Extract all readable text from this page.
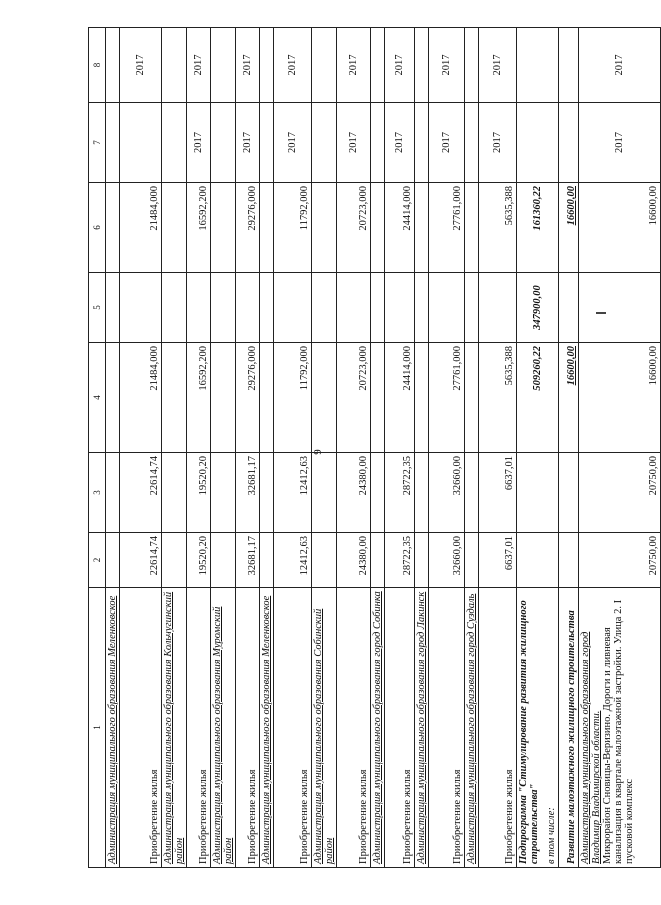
9
1	2	3	4	5	6	7	8
Администрация муниципального образования Меленковское							
Приобретение жилья	22614,74	22614,74	21484,000		21484,000		2017
Администрация муниципального образования Кольчугинский район							
Приобретение жилья	19520,20	19520,20	16592,200		16592,200	2017	2017
Администрация муниципального образования Муромский район							
Приобретение жилья	32681,17	32681,17	29276,000		29276,000	2017	2017
Администрация муниципального образования Меленковское							
Приобретение жилья	12412,63	12412,63	11792,000		11792,000	2017	2017
Администрация муниципального образования Собинский район							
Приобретение жилья	24380,00	24380,00	20723,000		20723,000	2017	2017
Администрация муниципального образования город Собинка							
Приобретение жилья	28722,35	28722,35	24414,000		24414,000	2017	2017
Администрация муниципального образования город Лакинск							
Приобретение жилья	32660,00	32660,00	27761,000		27761,000	2017	2017
Администрация муниципального образования город Суздаль							
Приобретение жилья	6637,01	6637,01	5635,388		5635,388	2017	2017

Подпрограмма "Стимулирование развития жилищного строительства" в том числе:			509260,22	347900,00	161360,22		
Развитие малоэтажного жилищного строительства			16600,00		16600,00		

Администрация муниципального образования город Владимир Владимирской области. Микрорайон Сновицы-Веризино. Дороги и ливневая канализация в квартале малоэтажной застройки. Улица 2. I пусковой комплекс	20750,00	20750,00	16600,00		16600,00	2017	2017
